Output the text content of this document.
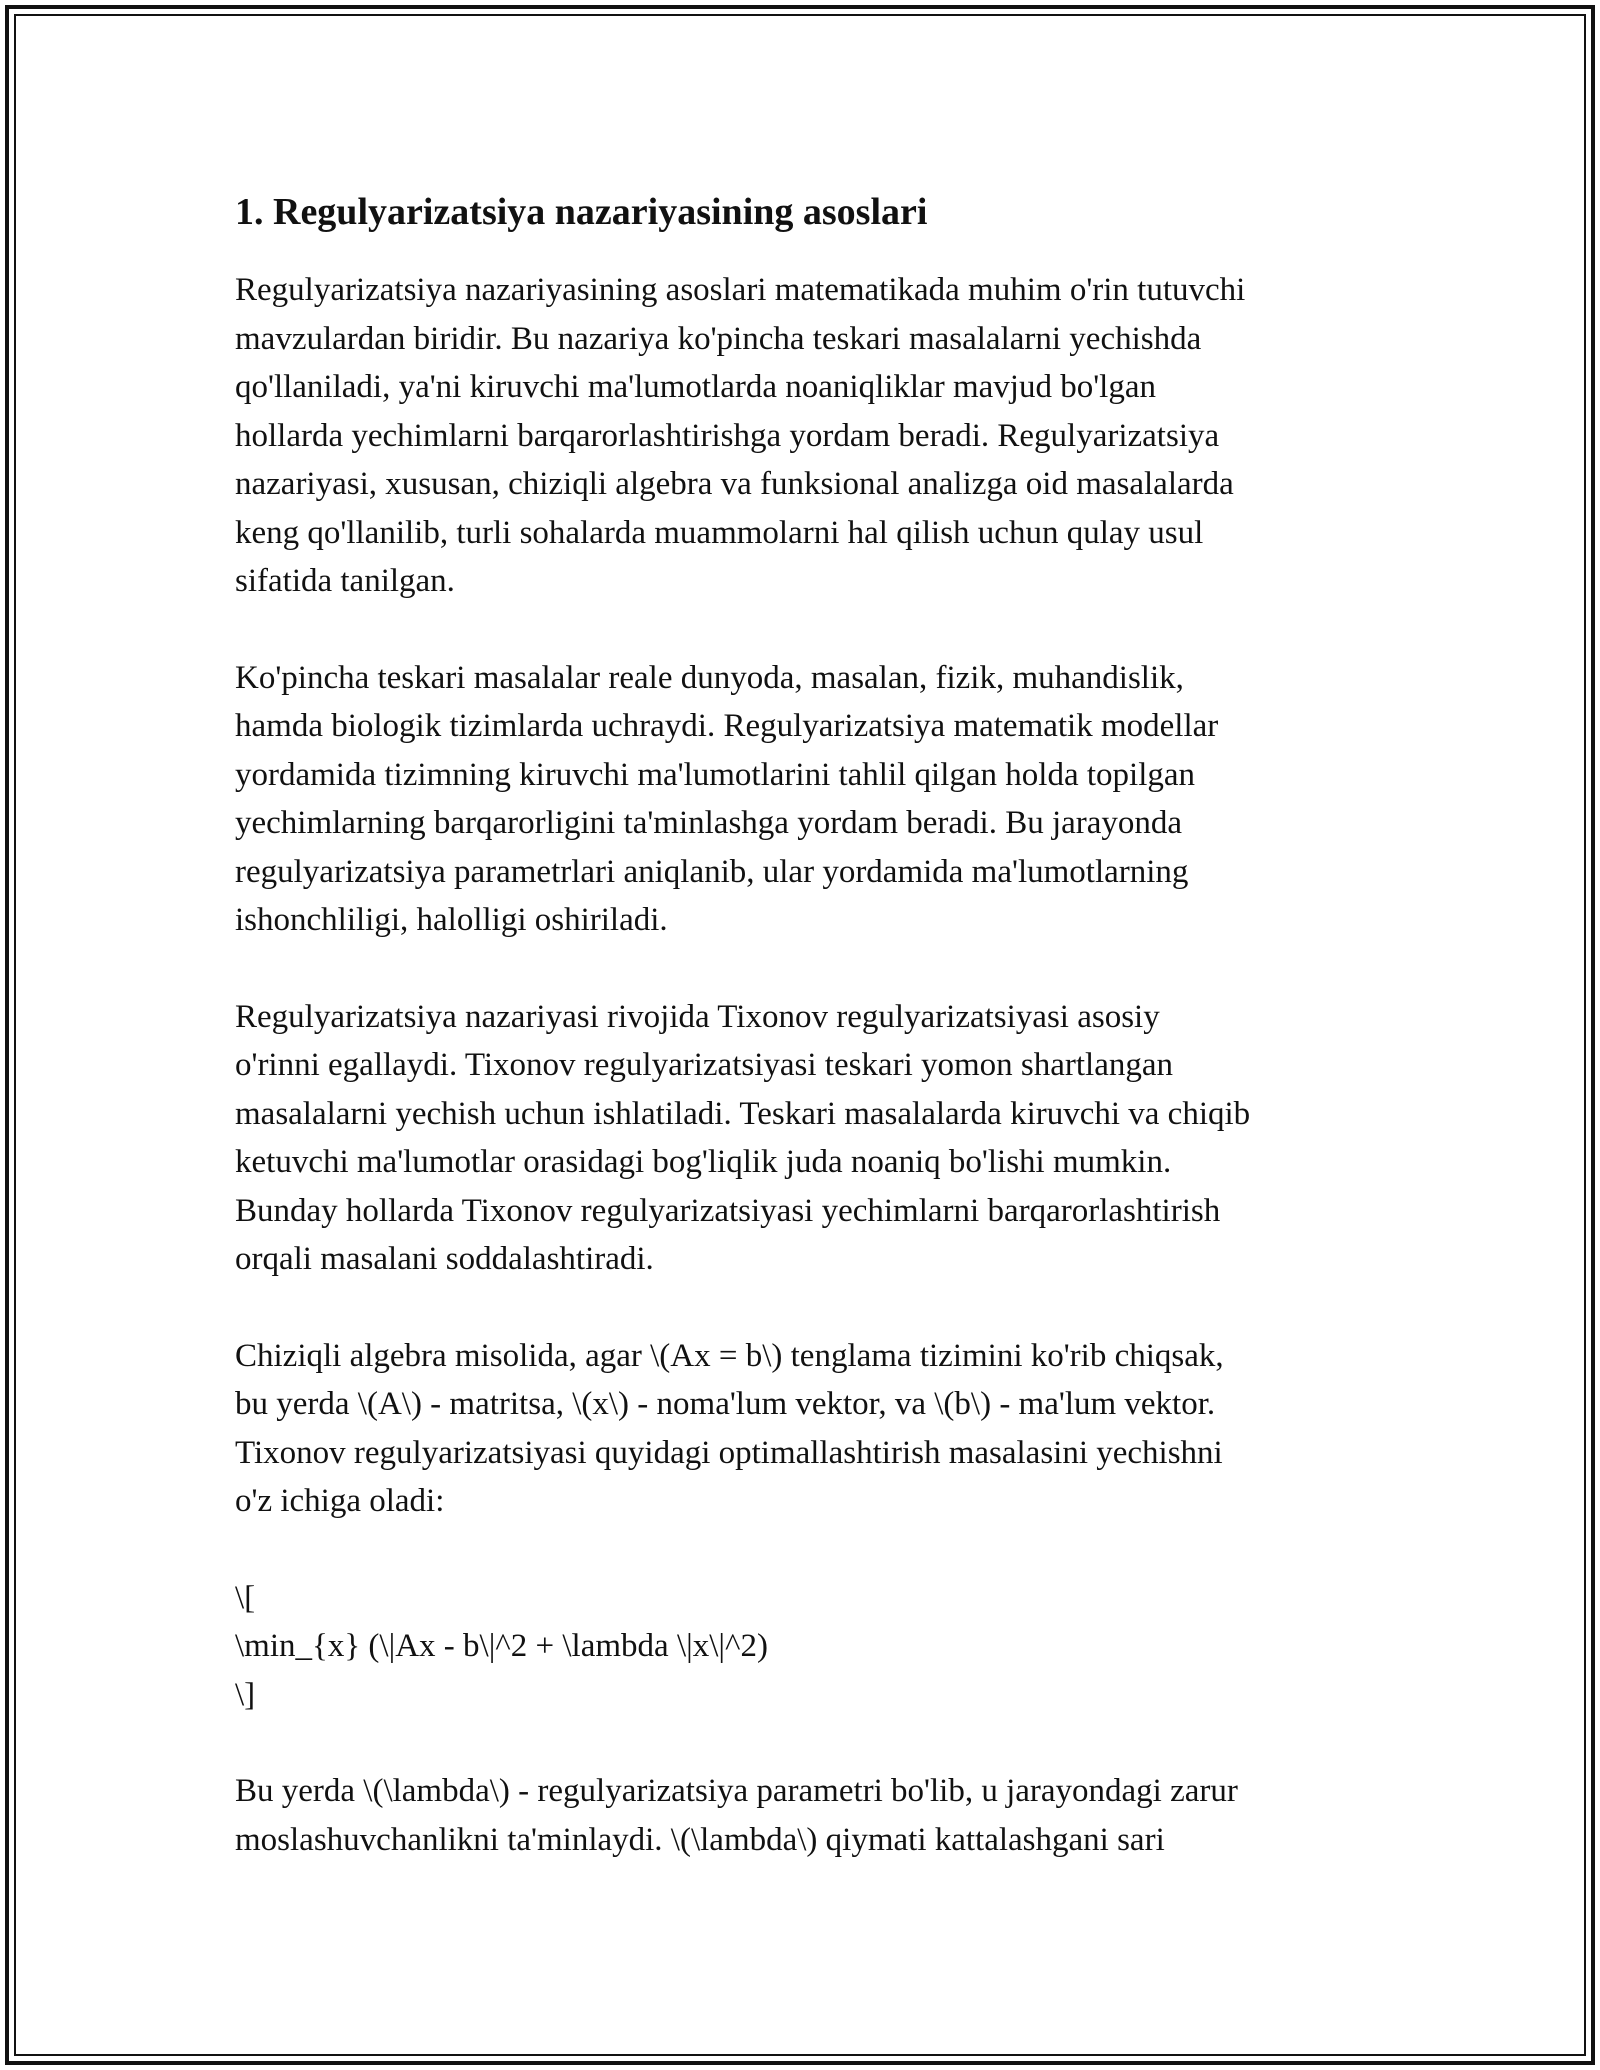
1. Regulyarizatsiya nazariyasining asoslari

Regulyarizatsiya nazariyasining asoslari matematikada muhim o'rin tutuvchi
mavzulardan biridir. Bu nazariya ko'pincha teskari masalalarni yechishda
qo'llaniladi, ya'ni kiruvchi ma'lumotlarda noaniqliklar mavjud bo'lgan
hollarda yechimlarni barqarorlashtirishga yordam beradi. Regulyarizatsiya
nazariyasi, xususan, chiziqli algebra va funksional analizga oid masalalarda
keng qo'llanilib, turli sohalarda muammolarni hal qilish uchun qulay usul
sifatida tanilgan.

Ko'pincha teskari masalalar reale dunyoda, masalan, fizik, muhandislik,
hamda biologik tizimlarda uchraydi. Regulyarizatsiya matematik modellar
yordamida tizimning kiruvchi ma'lumotlarini tahlil qilgan holda topilgan
yechimlarning barqarorligini ta'minlashga yordam beradi. Bu jarayonda
regulyarizatsiya parametrlari aniqlanib, ular yordamida ma'lumotlarning
ishonchliligi, halolligi oshiriladi.

Regulyarizatsiya nazariyasi rivojida Tixonov regulyarizatsiyasi asosiy
o'rinni egallaydi. Tixonov regulyarizatsiyasi teskari yomon shartlangan
masalalarni yechish uchun ishlatiladi. Teskari masalalarda kiruvchi va chiqib
ketuvchi ma'lumotlar orasidagi bog'liqlik juda noaniq bo'lishi mumkin.
Bunday hollarda Tixonov regulyarizatsiyasi yechimlarni barqarorlashtirish
orqali masalani soddalashtiradi.

Chiziqli algebra misolida, agar \(Ax = b\) tenglama tizimini ko'rib chiqsak,
bu yerda \(A\) - matritsa, \(x\) - noma'lum vektor, va \(b\) - ma'lum vektor.
Tixonov regulyarizatsiyasi quyidagi optimallashtirish masalasini yechishni
o'z ichiga oladi:

\[
\min_{x} (\|Ax - b\|^2 + \lambda \|x\|^2)
\]

Bu yerda \(\lambda\) - regulyarizatsiya parametri bo'lib, u jarayondagi zarur
moslashuvchanlikni ta'minlaydi. \(\lambda\) qiymati kattalashgani sari
